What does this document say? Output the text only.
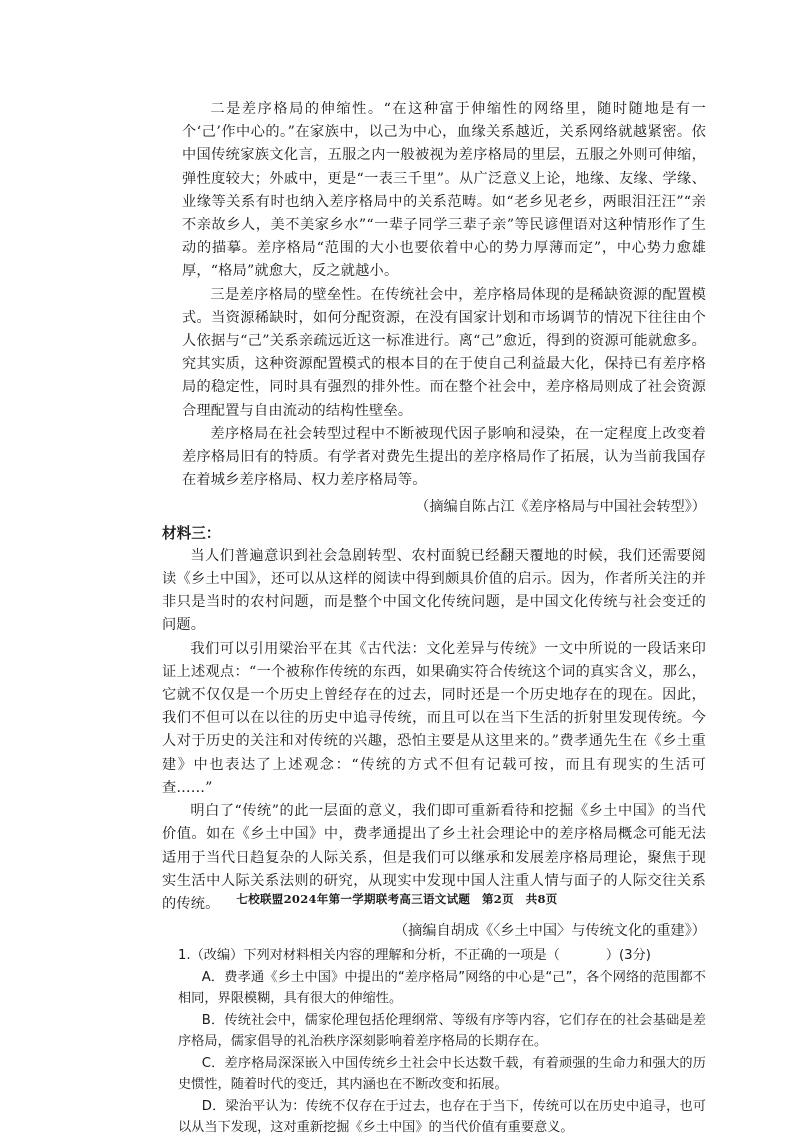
二是差序格局的伸缩性。“在这种富于伸缩性的网络里，随时随地是有一个‘己’作中心的。”在家族中，以己为中心，血缘关系越近，关系网络就越紧密。依中国传统家族文化言，五服之内一般被视为差序格局的里层，五服之外则可伸缩，弹性度较大；外戚中，更是“一表三千里”。从广泛意义上论，地缘、友缘、学缘、业缘等关系有时也纳入差序格局中的关系范畴。如“老乡见老乡，两眼泪汪汪”“亲不亲故乡人，美不美家乡水”“一辈子同学三辈子亲”等民谚俚语对这种情形作了生动的描摹。差序格局“范围的大小也要依着中心的势力厚薄而定”，中心势力愈雄厚，“格局”就愈大，反之就越小。

三是差序格局的壁垒性。在传统社会中，差序格局体现的是稀缺资源的配置模式。当资源稀缺时，如何分配资源，在没有国家计划和市场调节的情况下往往由个人依据与“己”关系亲疏远近这一标准进行。离“己”愈近，得到的资源可能就愈多。究其实质，这种资源配置模式的根本目的在于使自己利益最大化，保持已有差序格局的稳定性，同时具有强烈的排外性。而在整个社会中，差序格局则成了社会资源合理配置与自由流动的结构性壁垒。

差序格局在社会转型过程中不断被现代因子影响和浸染，在一定程度上改变着差序格局旧有的特质。有学者对费先生提出的差序格局作了拓展，认为当前我国存在着城乡差序格局、权力差序格局等。

（摘编自陈占江《差序格局与中国社会转型》）

材料三：

当人们普遍意识到社会急剧转型、农村面貌已经翻天覆地的时候，我们还需要阅读《乡土中国》，还可以从这样的阅读中得到颇具价值的启示。因为，作者所关注的并非只是当时的农村问题，而是整个中国文化传统问题，是中国文化传统与社会变迁的问题。

我们可以引用梁治平在其《古代法：文化差异与传统》一文中所说的一段话来印证上述观点：“一个被称作传统的东西，如果确实符合传统这个词的真实含义，那么，它就不仅仅是一个历史上曾经存在的过去，同时还是一个历史地存在的现在。因此，我们不但可以在以往的历史中追寻传统，而且可以在当下生活的折射里发现传统。今人对于历史的关注和对传统的兴趣，恐怕主要是从这里来的。”费孝通先生在《乡土重建》中也表达了上述观念：“传统的方式不但有记载可按，而且有现实的生活可查……”

明白了“传统”的此一层面的意义，我们即可重新看待和挖掘《乡土中国》的当代价值。如在《乡土中国》中，费孝通提出了乡土社会理论中的差序格局概念可能无法适用于当代日趋复杂的人际关系，但是我们可以继承和发展差序格局理论，聚焦于现实生活中人际关系法则的研究，从现实中发现中国人注重人情与面子的人际交往关系的传统。

（摘编自胡成《〈乡土中国〉与传统文化的重建》）

1.（改编）下列对材料相关内容的理解和分析，不正确的一项是（	）(3分)

A．费孝通《乡土中国》中提出的“差序格局”网络的中心是“己”，各个网络的范围都不相同，界限模糊，具有很大的伸缩性。

B．传统社会中，儒家伦理包括伦理纲常、等级有序等内容，它们存在的社会基础是差序格局，儒家倡导的礼治秩序深刻影响着差序格局的长期存在。

C．差序格局深深嵌入中国传统乡土社会中长达数千载，有着顽强的生命力和强大的历史惯性，随着时代的变迁，其内涵也在不断改变和拓展。

D．梁治平认为：传统不仅存在于过去，也存在于当下，传统可以在历史中追寻，也可以从当下发现，这对重新挖掘《乡土中国》的当代价值有重要意义。

七校联盟2024年第一学期联考高三语文试题　第2页　共8页
